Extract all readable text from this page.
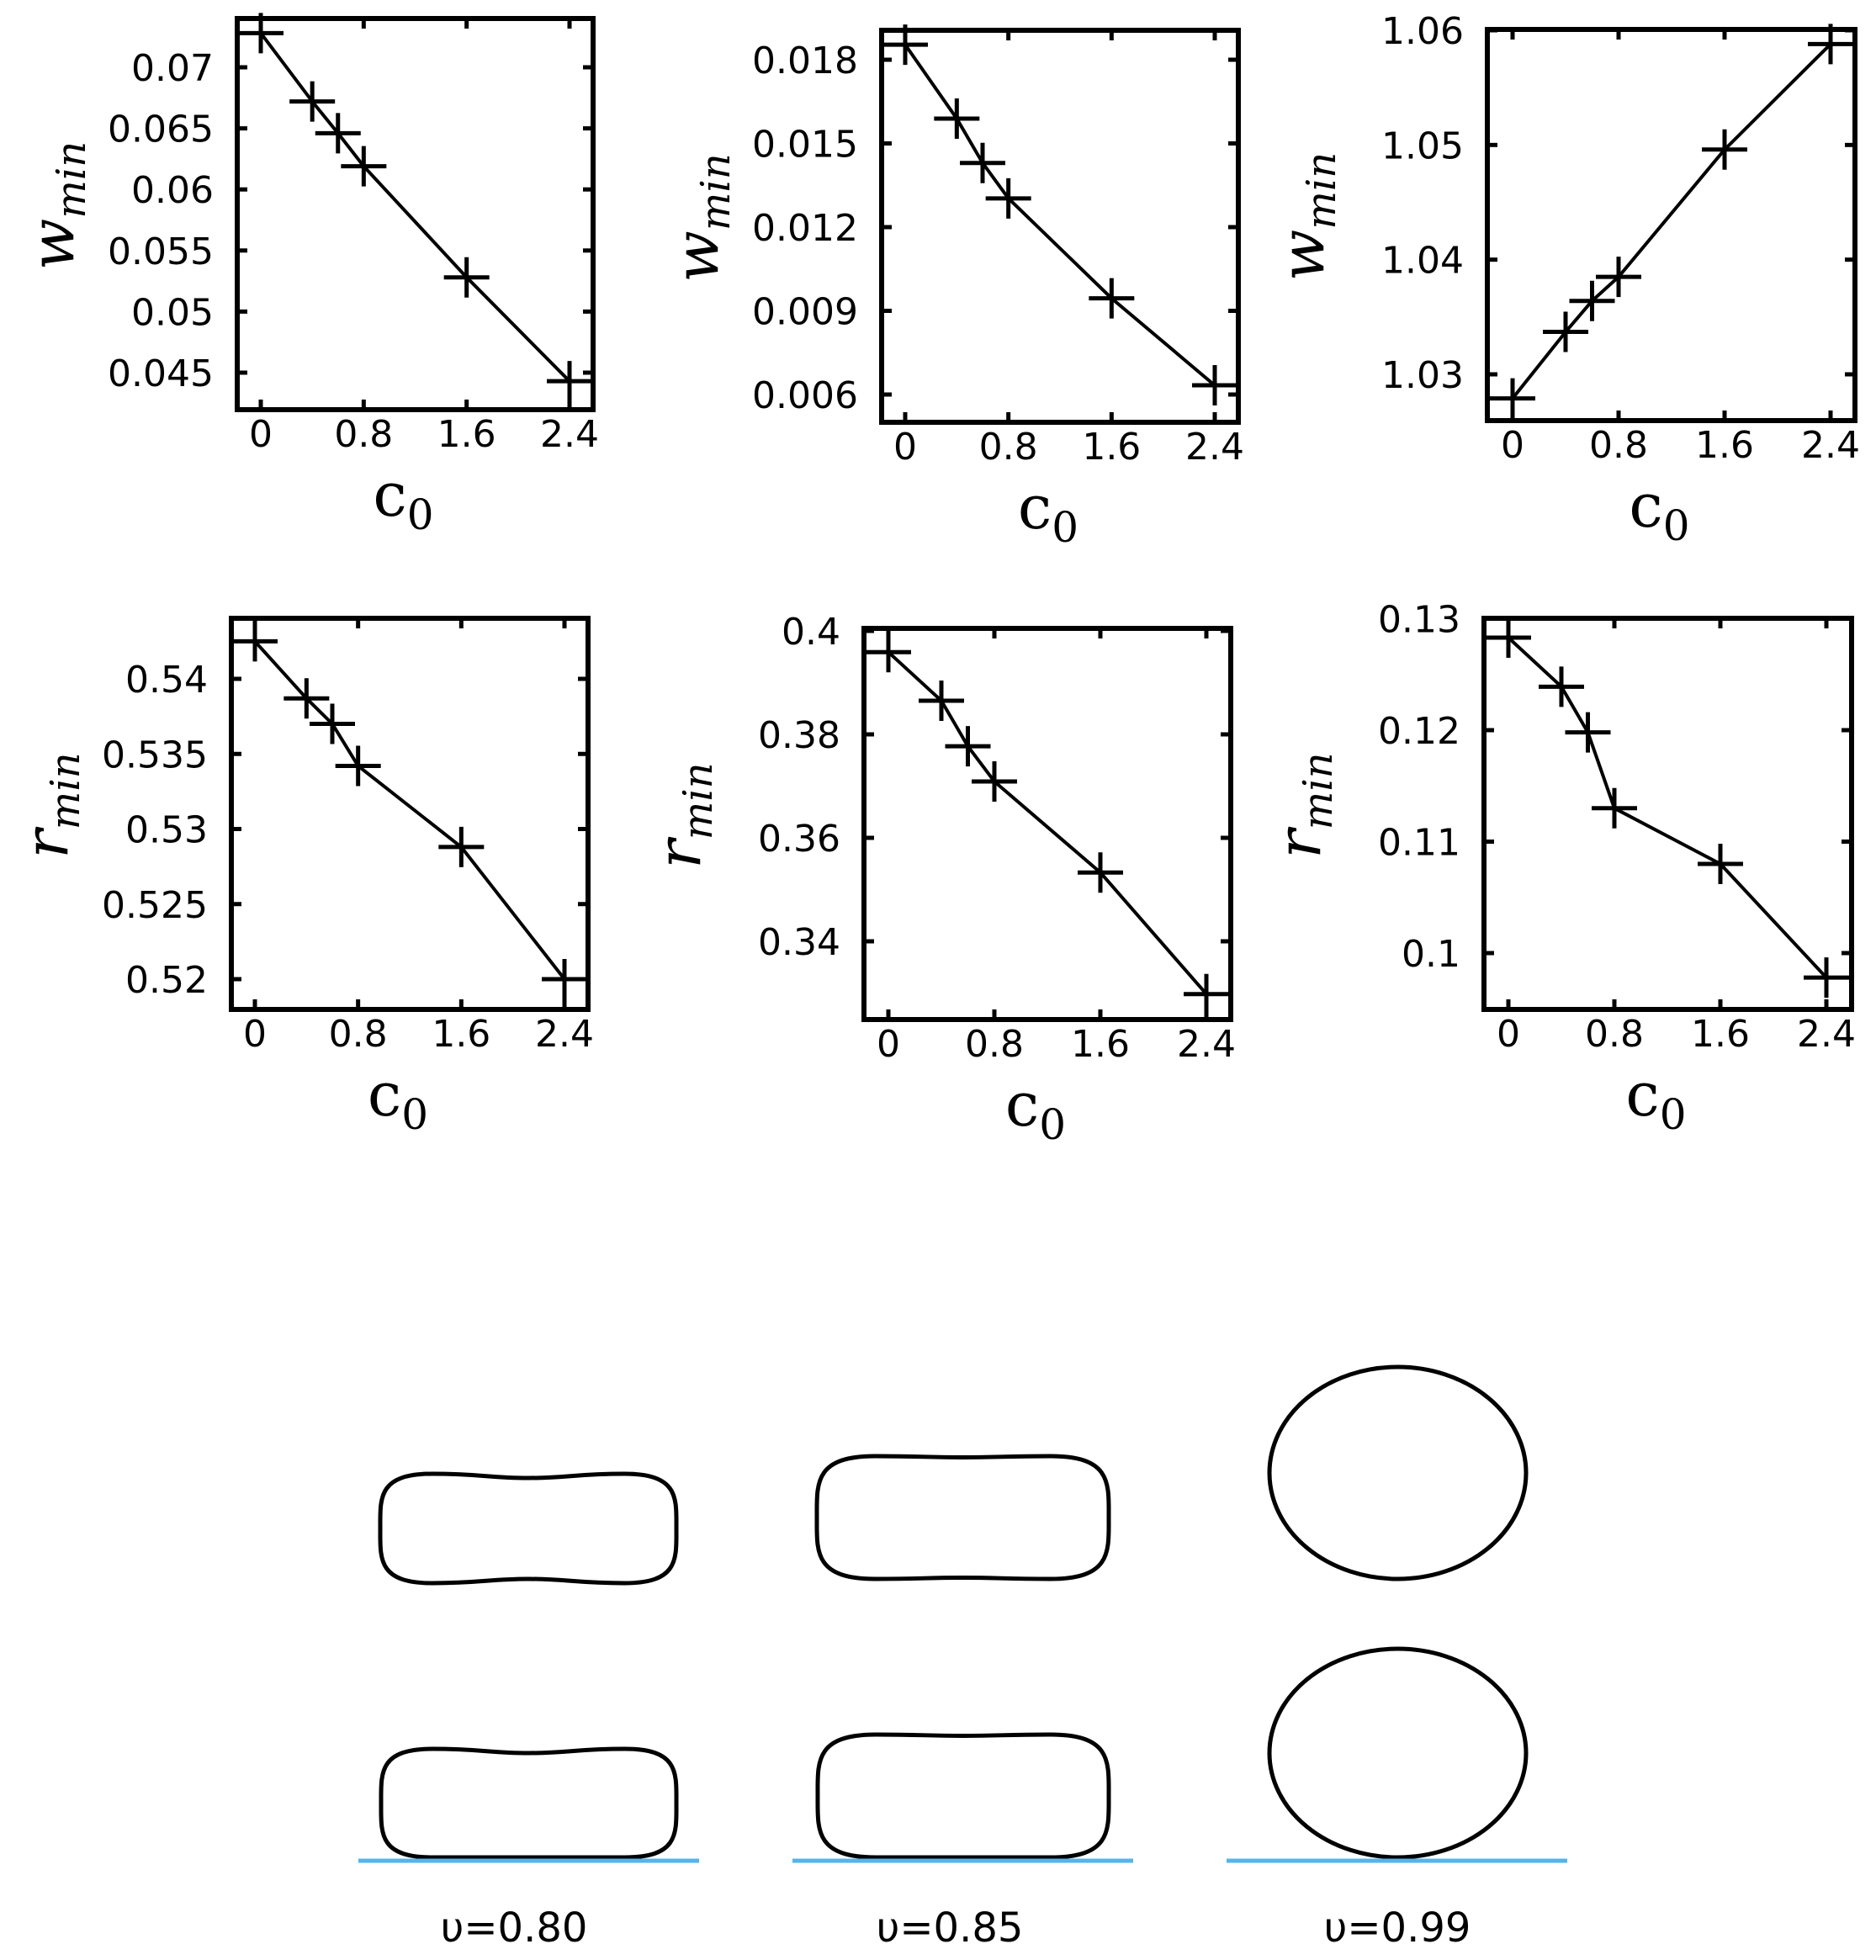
0 0.8 1.6 2.4
0.045
0.05
0.055
0.06
0.065
0.07
c0
wmin
0 0.8 1.6 2.4
0.006
0.009
0.012
0.015
0.018
c0
wmin
0 0.8 1.6 2.4
1.03
1.04
1.05
1.06
c0
wmin
0 0.8 1.6 2.4
0.52
0.525
0.53
0.535
0.54
c0
rmin
0 0.8 1.6 2.4
0.34
0.36
0.38
0.4
c0
rmin
0 0.8 1.6 2.4
0.1
0.11
0.12
0.13
c0
rmin
υ=0.80	υ=0.85	υ=0.99
